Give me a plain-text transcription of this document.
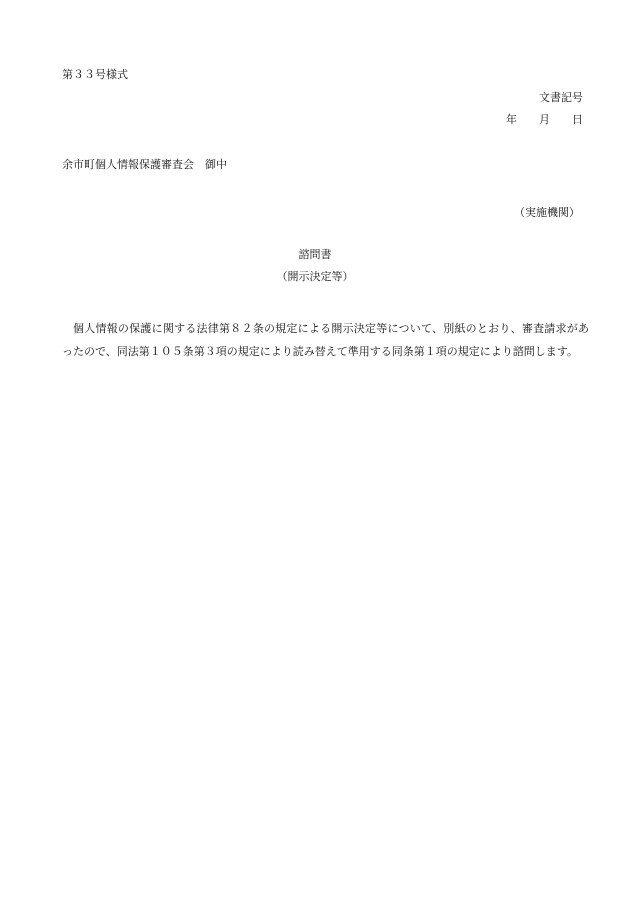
第３３号様式
文書記号
年 月 日
余市町個人情報保護審査会　御中
（実施機関）
諮問書
（開示決定等）
個人情報の保護に関する法律第８２条の規定による開示決定等について、別紙のとおり、審査請求があったので、同法第１０５条第３項の規定により読み替えて準用する同条第１項の規定により諮問します。
